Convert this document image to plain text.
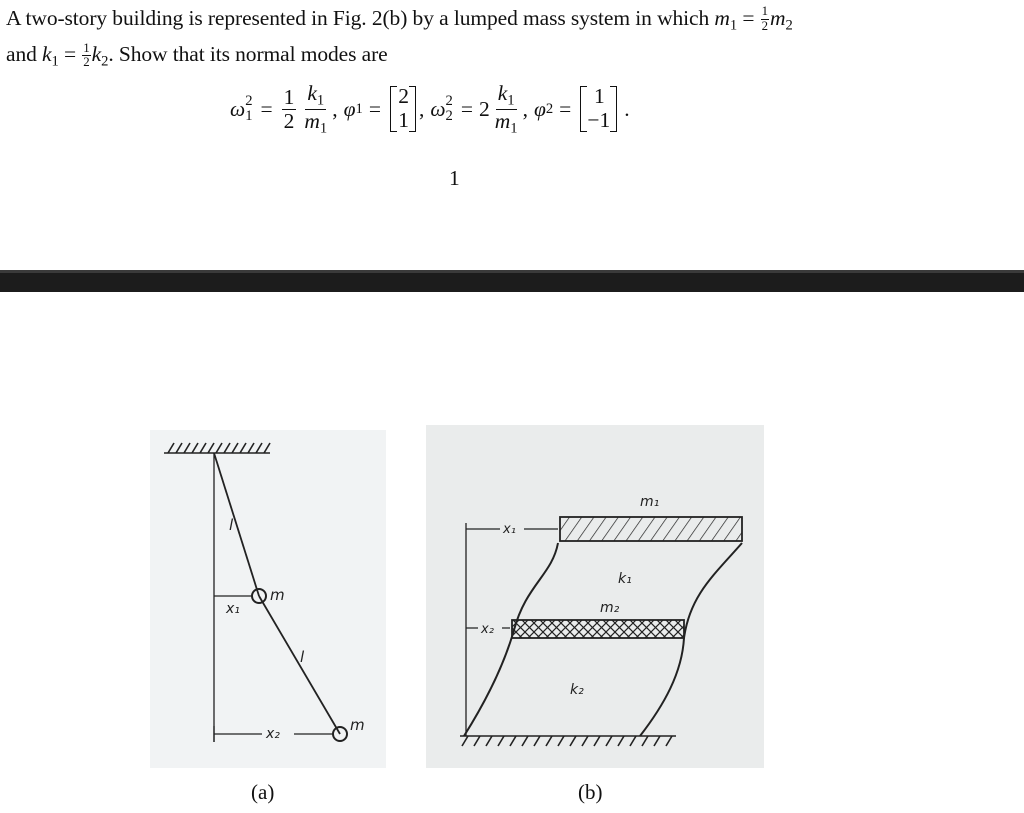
A two-story building is represented in Fig. 2(b) by a lumped mass system in which $m_1 = \frac{1}{2} m_2$
and $k_1 = \frac{1}{2} k_2$. Show that its normal modes are
ω 2
$1 = \frac{1}{2} \frac{k_1}{m_1}$ , φ 1 =
2
1 , ω 2
$2 = 2 \frac{k_1}{m_1}$ , φ 2 =
1
−1 .
1
l
m
x₁
l
x₂	m
x₁
x₂
m₁
k₁
m₂
k₂
(a)	(b)
